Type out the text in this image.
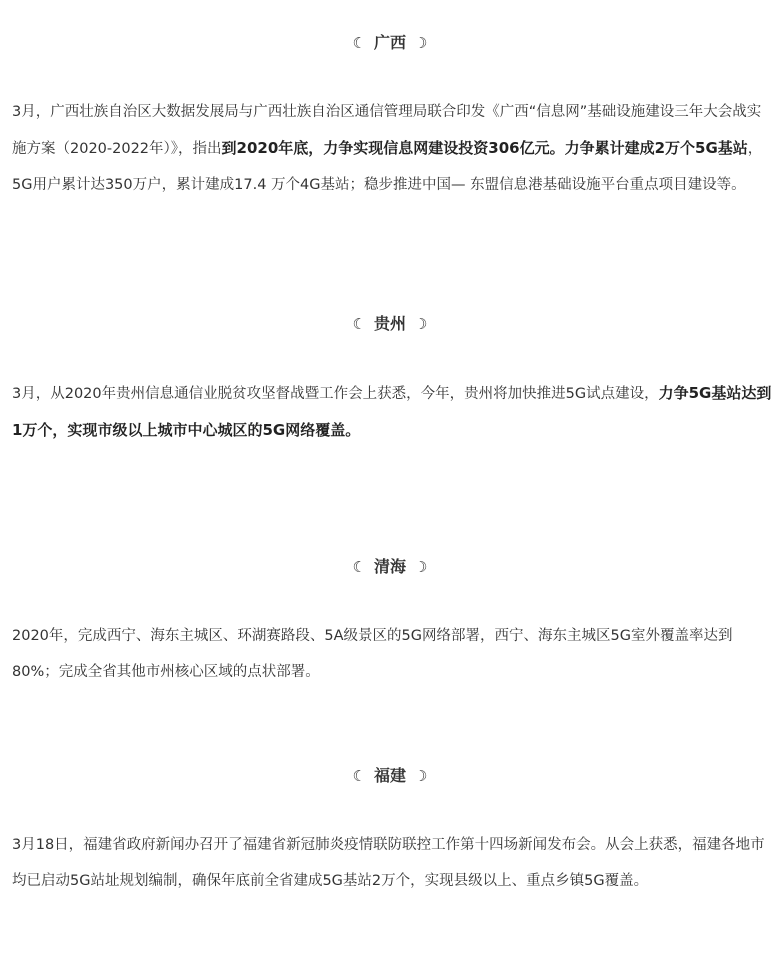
☾ 广西 ☽

3月，广西壮族自治区大数据发展局与广西壮族自治区通信管理局联合印发《广西“信息网”基础设施建设三年大会战实施方案（2020-2022年）》，指出到2020年底，力争实现信息网建设投资306亿元。力争累计建成2万个5G基站，5G用户累计达350万户，累计建成17.4 万个4G基站；稳步推进中国— 东盟信息港基础设施平台重点项目建设等。

☾ 贵州 ☽

3月，从2020年贵州信息通信业脱贫攻坚督战暨工作会上获悉，今年，贵州将加快推进5G试点建设，力争5G基站达到1万个，实现市级以上城市中心城区的5G网络覆盖。

☾ 清海 ☽

2020年，完成西宁、海东主城区、环湖赛路段、5A级景区的5G网络部署，西宁、海东主城区5G室外覆盖率达到80%；完成全省其他市州核心区域的点状部署。

☾ 福建 ☽

3月18日，福建省政府新闻办召开了福建省新冠肺炎疫情联防联控工作第十四场新闻发布会。从会上获悉，福建各地市均已启动5G站址规划编制，确保年底前全省建成5G基站2万个，实现县级以上、重点乡镇5G覆盖。
